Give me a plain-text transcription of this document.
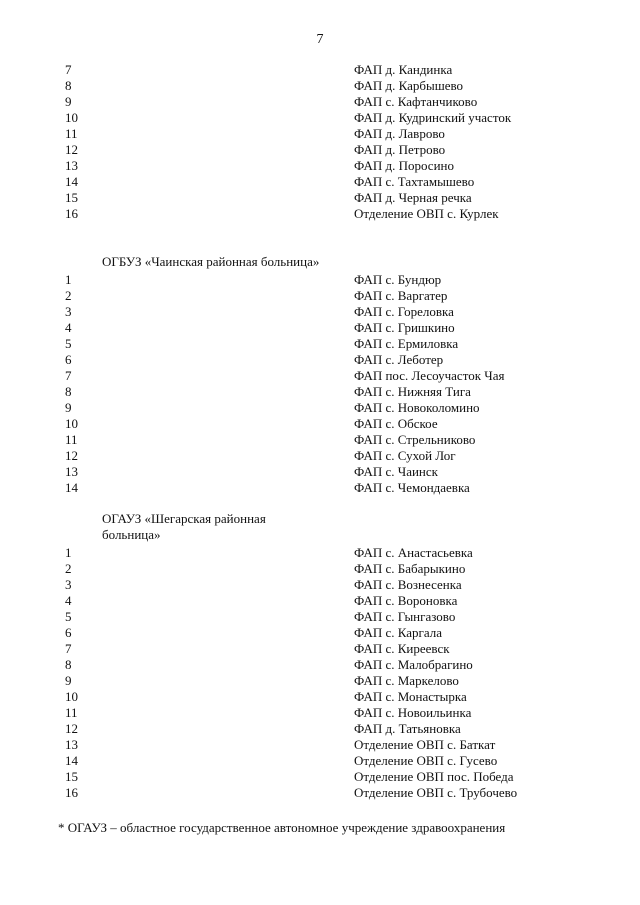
7
7	ФАП д. Кандинка
8	ФАП д. Карбышево
9	ФАП с. Кафтанчиково
10	ФАП д. Кудринский участок
11	ФАП д. Лаврово
12	ФАП д. Петрово
13	ФАП д. Поросино
14	ФАП с. Тахтамышево
15	ФАП д. Черная речка
16	Отделение ОВП с. Курлек
ОГБУЗ «Чаинская районная больница»
1	ФАП с. Бундюр
2	ФАП с. Варгатер
3	ФАП с. Гореловка
4	ФАП с. Гришкино
5	ФАП с. Ермиловка
6	ФАП с. Леботер
7	ФАП пос. Лесоучасток Чая
8	ФАП с. Нижняя Тига
9	ФАП с. Новоколомино
10	ФАП с. Обское
11	ФАП с. Стрельниково
12	ФАП с. Сухой Лог
13	ФАП с. Чаинск
14	ФАП с. Чемондаевка
ОГАУЗ «Шегарская районная
больница»
1	ФАП с. Анастасьевка
2	ФАП с. Бабарыкино
3	ФАП с. Вознесенка
4	ФАП с. Вороновка
5	ФАП с. Гынгазово
6	ФАП с. Каргала
7	ФАП с. Киреевск
8	ФАП с. Малобрагино
9	ФАП с. Маркелово
10	ФАП с. Монастырка
11	ФАП с. Новоильинка
12	ФАП д. Татьяновка
13	Отделение ОВП с. Баткат
14	Отделение ОВП с. Гусево
15	Отделение ОВП пос. Победа
16	Отделение ОВП с. Трубочево
* ОГАУЗ – областное государственное автономное учреждение здравоохранения
